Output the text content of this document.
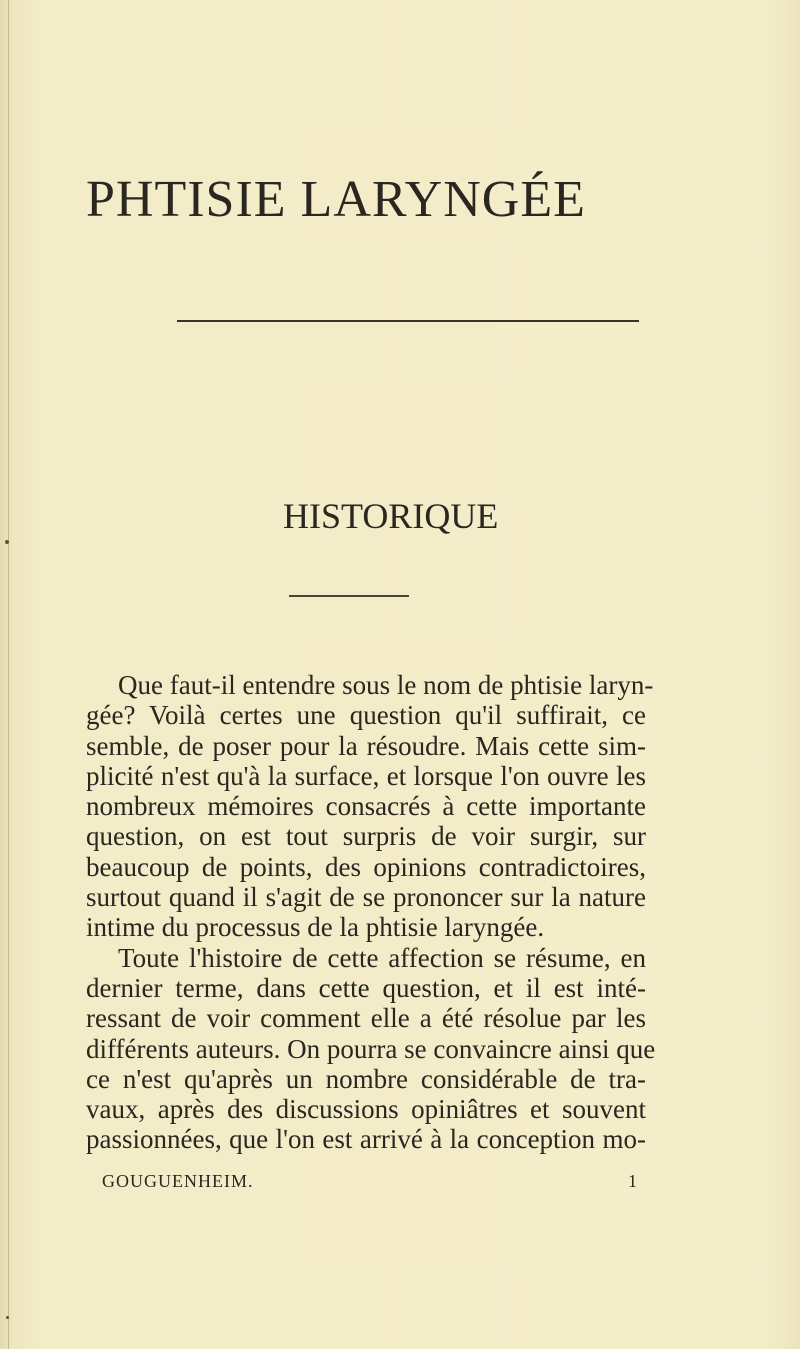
PHTISIE LARYNGÉE
HISTORIQUE
Que faut-il entendre sous le nom de phtisie laryn-
gée? Voilà certes une question qu'il suffirait, ce
semble, de poser pour la résoudre. Mais cette sim-
plicité n'est qu'à la surface, et lorsque l'on ouvre les
nombreux mémoires consacrés à cette importante
question, on est tout surpris de voir surgir, sur
beaucoup de points, des opinions contradictoires,
surtout quand il s'agit de se prononcer sur la nature
intime du processus de la phtisie laryngée.
Toute l'histoire de cette affection se résume, en
dernier terme, dans cette question, et il est inté-
ressant de voir comment elle a été résolue par les
différents auteurs. On pourra se convaincre ainsi que
ce n'est qu'après un nombre considérable de tra-
vaux, après des discussions opiniâtres et souvent
passionnées, que l'on est arrivé à la conception mo-
GOUGUENHEIM.	1
